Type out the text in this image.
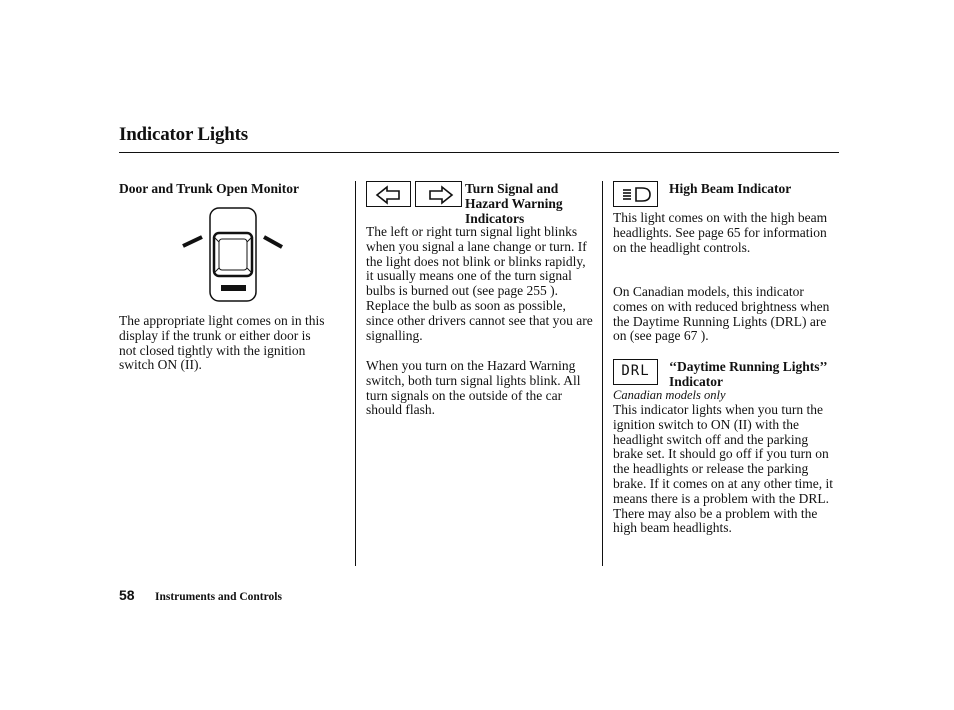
Indicator Lights
Door and Trunk Open Monitor

The appropriate light comes on in this display if the trunk or either door is not closed tightly with the ignition switch ON (II).

Turn Signal and Hazard Warning Indicators

The left or right turn signal light blinks when you signal a lane change or turn. If the light does not blink or blinks rapidly, it usually means one of the turn signal bulbs is burned out (see page 255 ). Replace the bulb as soon as possible, since other drivers cannot see that you are signalling.

When you turn on the Hazard Warning switch, both turn signal lights blink. All turn signals on the outside of the car should flash.

High Beam Indicator

This light comes on with the high beam headlights. See page 65 for information on the headlight controls.

On Canadian models, this indicator comes on with reduced brightness when the Daytime Running Lights (DRL) are on (see page 67 ).

DRL	‘‘Daytime Running Lights’’ Indicator
Canadian models only

This indicator lights when you turn the ignition switch to ON (II) with the headlight switch off and the parking brake set. It should go off if you turn on the headlights or release the parking brake. If it comes on at any other time, it means there is a problem with the DRL. There may also be a problem with the high beam headlights.

58 Instruments and Controls
